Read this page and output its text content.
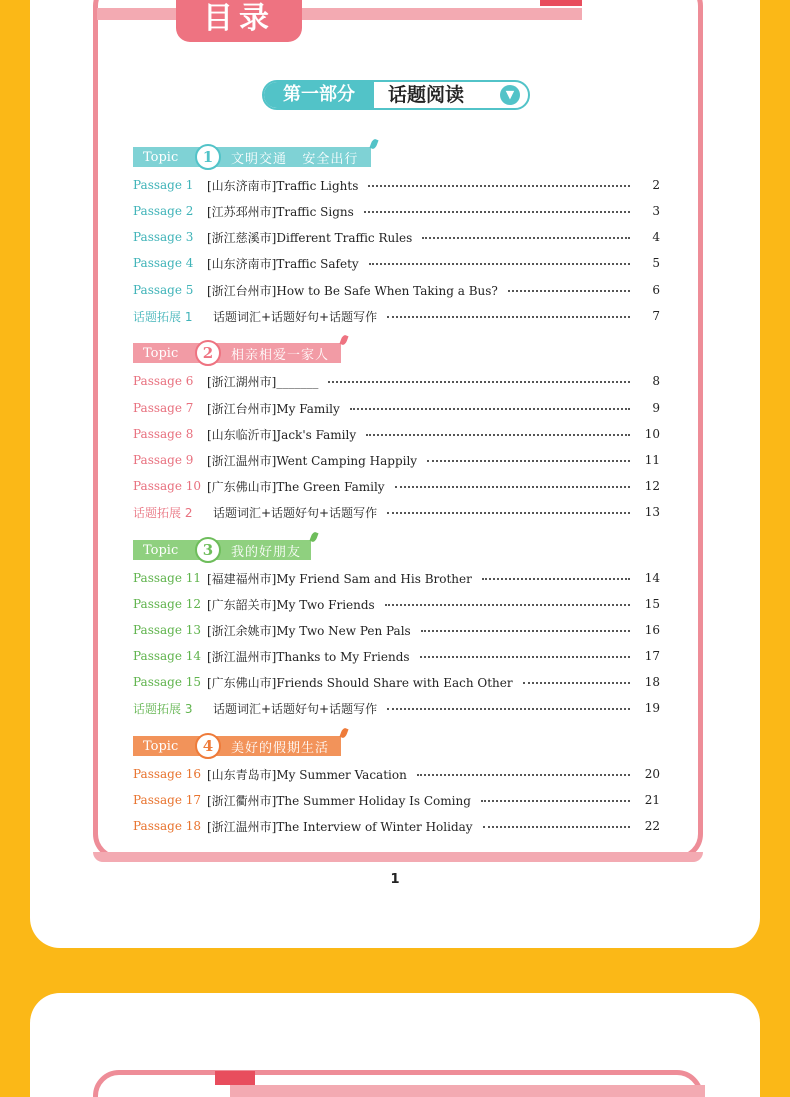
目录
第一部分	话题阅读	▼
Topic	1	文明交通   安全出行
Passage 1	[山东济南市]Traffic Lights	2
Passage 2	[江苏邳州市]Traffic Signs	3
Passage 3	[浙江慈溪市]Different Traffic Rules	4
Passage 4	[山东济南市]Traffic Safety	5
Passage 5	[浙江台州市]How to Be Safe When Taking a Bus?	6
话题拓展 1	话题词汇+话题好句+话题写作	7
Topic	2	相亲相爱一家人
Passage 6	[浙江湖州市]_______	8
Passage 7	[浙江台州市]My Family	9
Passage 8	[山东临沂市]Jack's Family	10
Passage 9	[浙江温州市]Went Camping Happily	11
Passage 10 [广东佛山市]The Green Family	12
话题拓展 2	话题词汇+话题好句+话题写作	13
Topic	3	我的好朋友
Passage 11 [福建福州市]My Friend Sam and His Brother	14
Passage 12 [广东韶关市]My Two Friends	15
Passage 13 [浙江余姚市]My Two New Pen Pals	16
Passage 14 [浙江温州市]Thanks to My Friends	17
Passage 15 [广东佛山市]Friends Should Share with Each Other	18
话题拓展 3	话题词汇+话题好句+话题写作	19
Topic	4	美好的假期生活
Passage 16 [山东青岛市]My Summer Vacation	20
Passage 17 [浙江衢州市]The Summer Holiday Is Coming	21
Passage 18 [浙江温州市]The Interview of Winter Holiday	22
1
